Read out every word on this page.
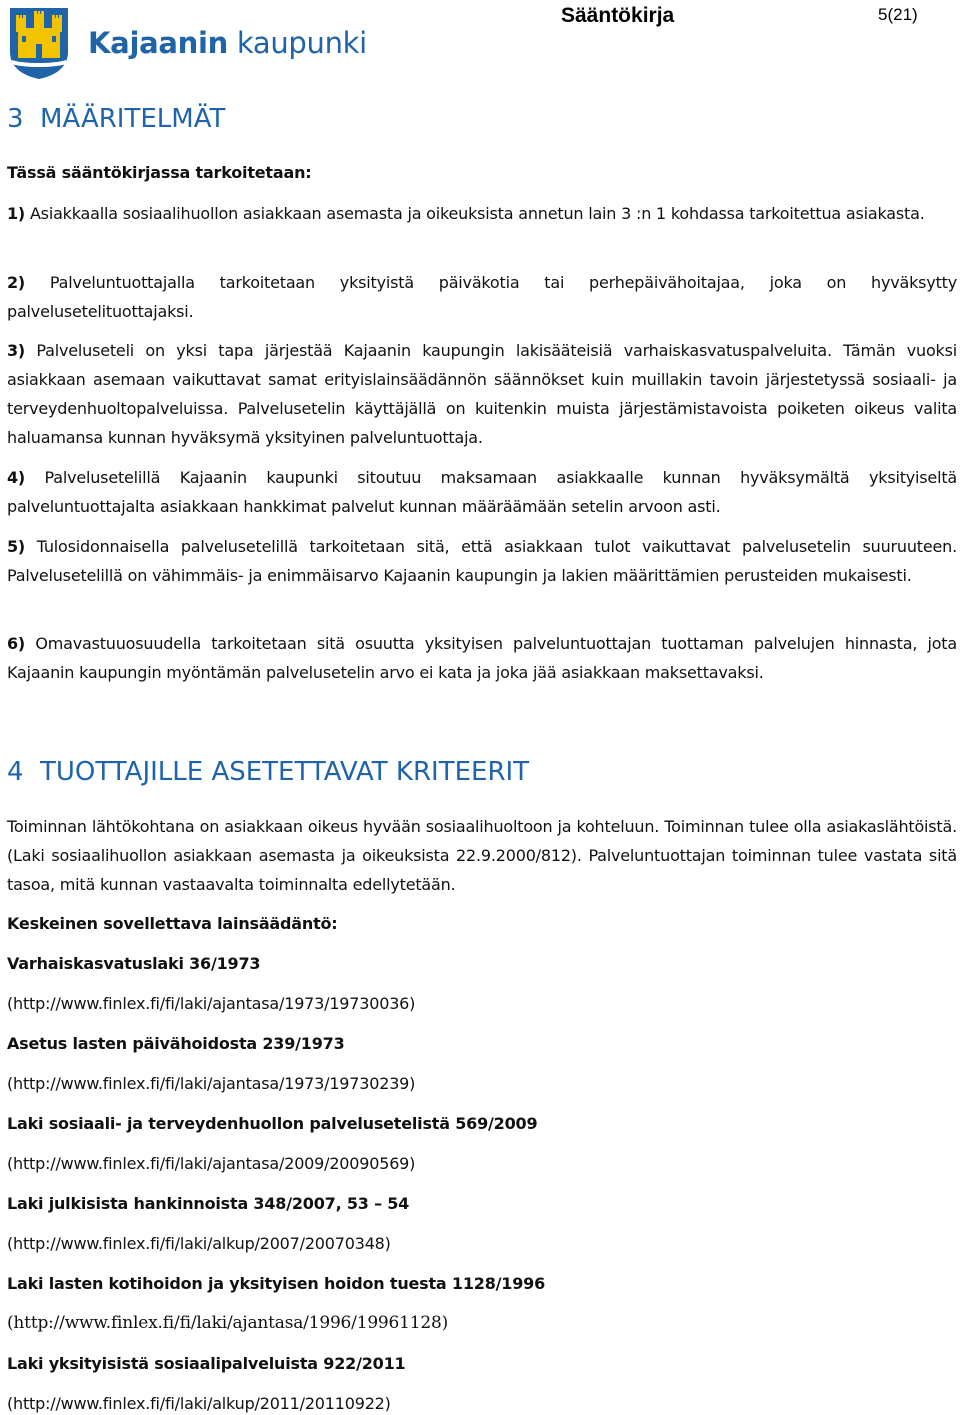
Kajaanin kaupunki
Sääntökirja	5(21)
3 MÄÄRITELMÄT
Tässä sääntökirjassa tarkoitetaan:
1) Asiakkaalla sosiaalihuollon asiakkaan asemasta ja oikeuksista annetun lain 3 :n 1 kohdassa tarkoitettua asiakasta.
2) Palveluntuottajalla tarkoitetaan yksityistä päiväkotia tai perhepäivähoitajaa, joka on hyväksytty palvelusetelituottajaksi.
3) Palveluseteli on yksi tapa järjestää Kajaanin kaupungin lakisääteisiä varhaiskasvatuspalveluita. Tämän vuoksi asiakkaan asemaan vaikuttavat samat erityislainsäädännön säännökset kuin muillakin tavoin järjestetyssä sosiaali- ja terveydenhuoltopalveluissa. Palvelusetelin käyttäjällä on kuitenkin muista järjestämistavoista poiketen oikeus valita haluamansa kunnan hyväksymä yksityinen palveluntuottaja.
4) Palvelusetelillä Kajaanin kaupunki sitoutuu maksamaan asiakkaalle kunnan hyväksymältä yksityiseltä palveluntuottajalta asiakkaan hankkimat palvelut kunnan määräämään setelin arvoon asti.
5) Tulosidonnaisella palvelusetelillä tarkoitetaan sitä, että asiakkaan tulot vaikuttavat palvelusetelin suuruuteen. Palvelusetelillä on vähimmäis- ja enimmäisarvo Kajaanin kaupungin ja lakien määrittämien perusteiden mukaisesti.
6) Omavastuuosuudella tarkoitetaan sitä osuutta yksityisen palveluntuottajan tuottaman palvelujen hinnasta, jota Kajaanin kaupungin myöntämän palvelusetelin arvo ei kata ja joka jää asiakkaan maksettavaksi.
4 TUOTTAJILLE ASETETTAVAT KRITEERIT
Toiminnan lähtökohtana on asiakkaan oikeus hyvään sosiaalihuoltoon ja kohteluun. Toiminnan tulee olla asiakaslähtöistä. (Laki sosiaalihuollon asiakkaan asemasta ja oikeuksista 22.9.2000/812). Palveluntuottajan toiminnan tulee vastata sitä tasoa, mitä kunnan vastaavalta toiminnalta edellytetään.
Keskeinen sovellettava lainsäädäntö:
Varhaiskasvatuslaki 36/1973
(http://www.finlex.fi/fi/laki/ajantasa/1973/19730036)
Asetus lasten päivähoidosta 239/1973
(http://www.finlex.fi/fi/laki/ajantasa/1973/19730239)
Laki sosiaali- ja terveydenhuollon palvelusetelistä 569/2009
(http://www.finlex.fi/fi/laki/ajantasa/2009/20090569)
Laki julkisista hankinnoista 348/2007, 53 – 54
(http://www.finlex.fi/fi/laki/alkup/2007/20070348)
Laki lasten kotihoidon ja yksityisen hoidon tuesta 1128/1996
(http://www.finlex.fi/fi/laki/ajantasa/1996/19961128)
Laki yksityisistä sosiaalipalveluista 922/2011
(http://www.finlex.fi/fi/laki/alkup/2011/20110922)
